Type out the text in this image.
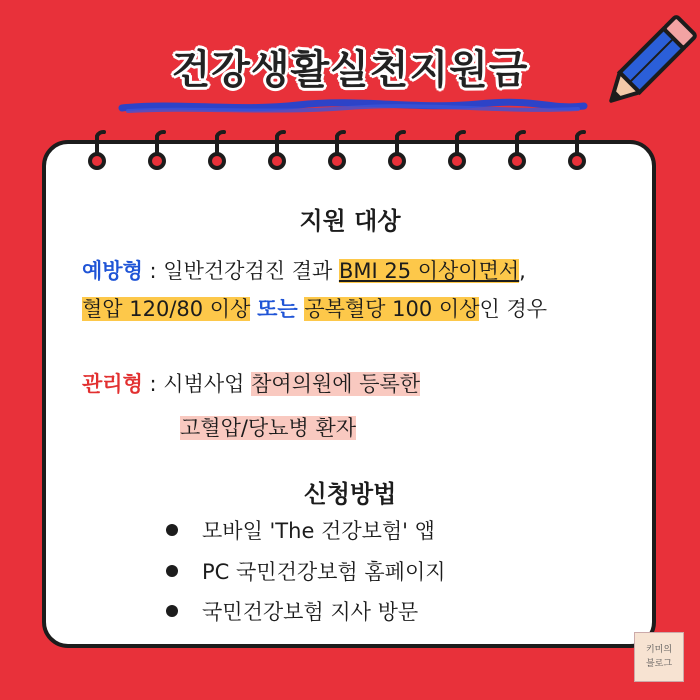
건강생활실천지원금
지원 대상
예방형 : 일반건강검진 결과 BMI 25 이상이면서,
혈압 120/80 이상 또는 공복혈당 100 이상인 경우
관리형 : 시범사업 참여의원에 등록한
고혈압/당뇨병 환자
신청방법
모바일 'The 건강보험' 앱
PC 국민건강보험 홈페이지
국민건강보험 지사 방문
키미의
블로그
